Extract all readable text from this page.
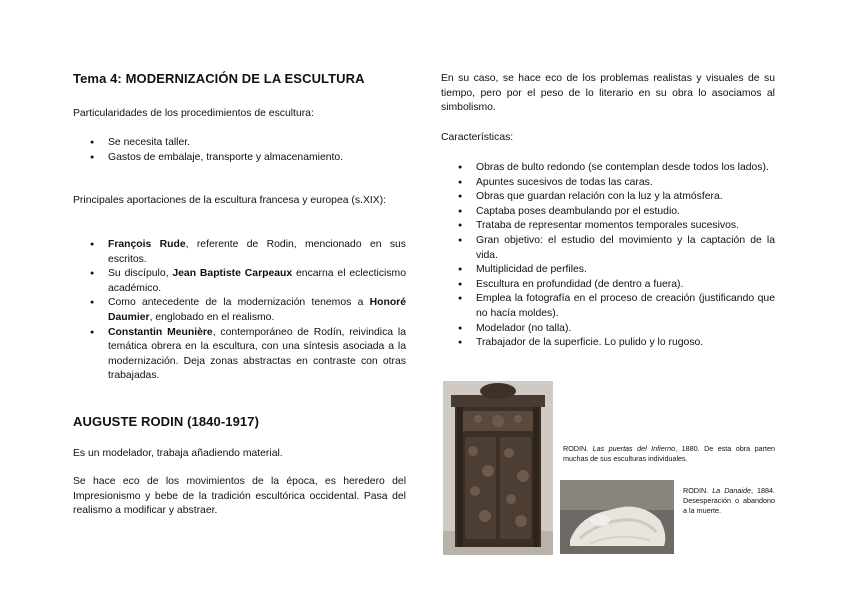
Tema 4: MODERNIZACIÓN DE LA ESCULTURA

Particularidades de los procedimientos de escultura:

● Se necesita taller.
● Gastos de embalaje, transporte y almacenamiento.

Principales aportaciones de la escultura francesa y europea (s.XIX):

● François Rude, referente de Rodin, mencionado en sus escritos.
● Su discípulo, Jean Baptiste Carpeaux encarna el eclecticismo académico.
● Como antecedente de la modernización tenemos a Honoré Daumier, englobado en el realismo.
● Constantin Meunière, contemporáneo de Rodín, reivindica la temática obrera en la escultura, con una síntesis asociada a la modernización. Deja zonas abstractas en contraste con otras trabajadas.
AUGUSTE RODIN (1840-1917)

Es un modelador, trabaja añadiendo material.

Se hace eco de los movimientos de la época, es heredero del Impresionismo y bebe de la tradición escultórica occidental. Pasa del realismo a modificar y abstraer.

En su caso, se hace eco de los problemas realistas y visuales de su tiempo, pero por el peso de lo literario en su obra lo asociamos al simbolismo.

Características:

● Obras de bulto redondo (se contemplan desde todos los lados).
● Apuntes sucesivos de todas las caras.
● Obras que guardan relación con la luz y la atmósfera.
● Captaba poses deambulando por el estudio.
● Trataba de representar momentos temporales sucesivos.
● Gran objetivo: el estudio del movimiento y la captación de la vida.
● Multiplicidad de perfiles.
● Escultura en profundidad (de dentro a fuera).
● Emplea la fotografía en el proceso de creación (justificando que no hacía moldes).
● Modelador (no talla).
● Trabajador de la superficie. Lo pulido y lo rugoso.
RODIN. Las puertas del Infierno, 1880. De esta obra parten muchas de sus esculturas individuales.
RODIN. La Danaide, 1884. Desesperación o abandono a la muerte.
